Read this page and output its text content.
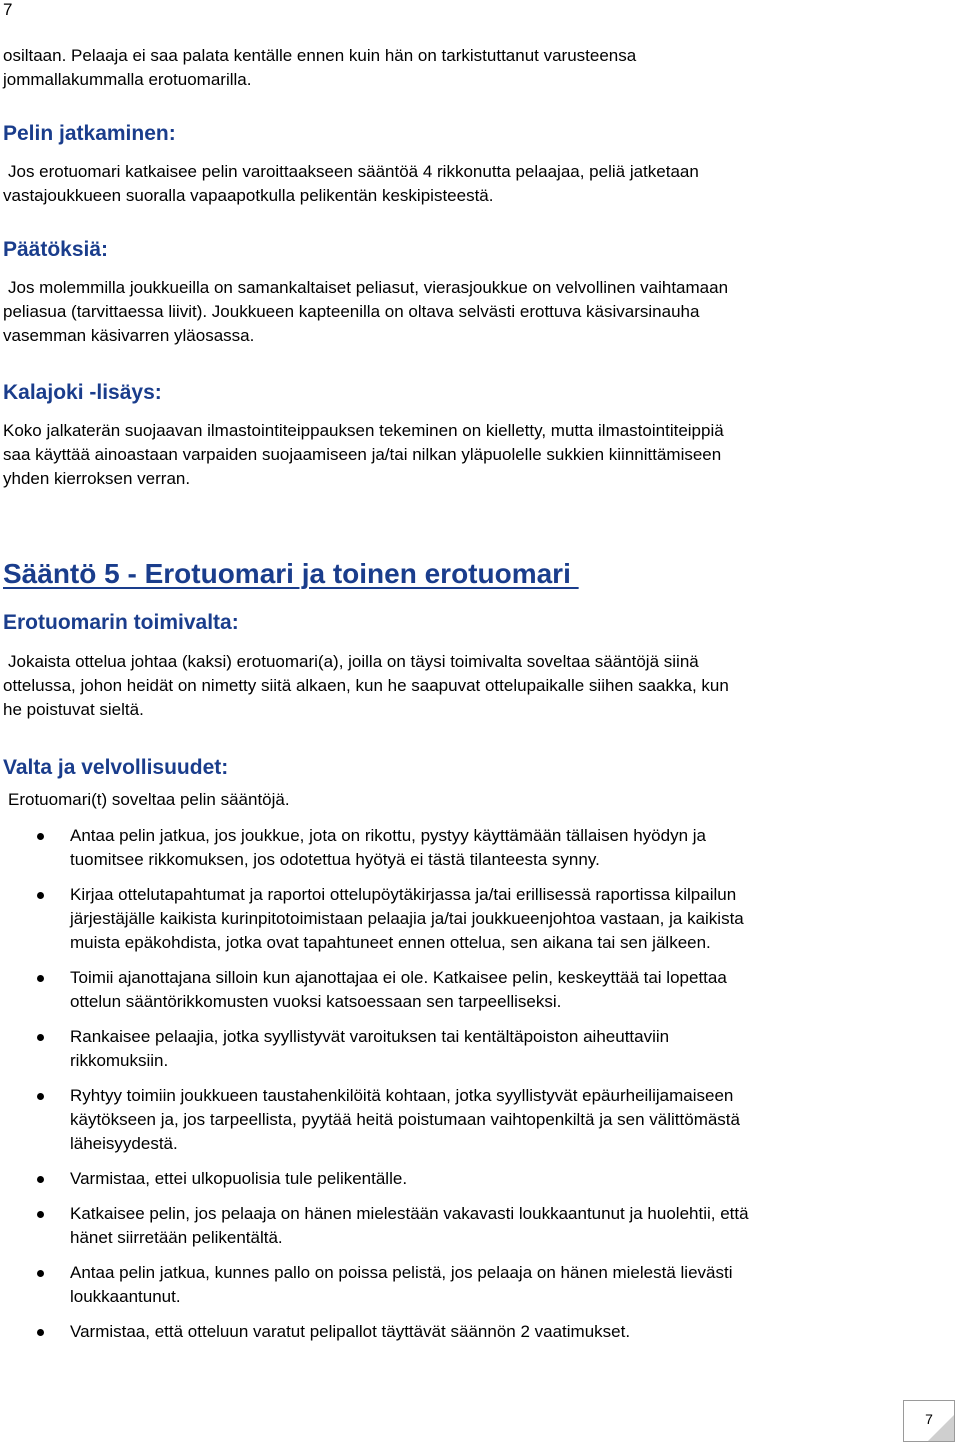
7

osiltaan. Pelaaja ei saa palata kentälle ennen kuin hän on tarkistuttanut varusteensa

jommallakummalla erotuomarilla.

Pelin jatkaminen:

Jos erotuomari katkaisee pelin varoittaakseen sääntöä 4 rikkonutta pelaajaa, peliä jatketaan

vastajoukkueen suoralla vapaapotkulla pelikentän keskipisteestä.

Päätöksiä:

Jos molemmilla joukkueilla on samankaltaiset peliasut, vierasjoukkue on velvollinen vaihtamaan

peliasua (tarvittaessa liivit). Joukkueen kapteenilla on oltava selvästi erottuva käsivarsinauha

vasemman käsivarren yläosassa.

Kalajoki -lisäys:

Koko jalkaterän suojaavan ilmastointiteippauksen tekeminen on kielletty, mutta ilmastointiteippiä

saa käyttää ainoastaan varpaiden suojaamiseen ja/tai nilkan yläpuolelle sukkien kiinnittämiseen

yhden kierroksen verran.

Sääntö 5 - Erotuomari ja toinen erotuomari
Erotuomarin toimivalta:

Jokaista ottelua johtaa (kaksi) erotuomari(a), joilla on täysi toimivalta soveltaa sääntöjä siinä

ottelussa, johon heidät on nimetty siitä alkaen, kun he saapuvat ottelupaikalle siihen saakka, kun

he poistuvat sieltä.

Valta ja velvollisuudet:

Erotuomari(t) soveltaa pelin sääntöjä.

Antaa pelin jatkua, jos joukkue, jota on rikottu, pystyy käyttämään tällaisen hyödyn ja
tuomitsee rikkomuksen, jos odotettua hyötyä ei tästä tilanteesta synny.
Kirjaa ottelutapahtumat ja raportoi ottelupöytäkirjassa ja/tai erillisessä raportissa kilpailun
järjestäjälle kaikista kurinpitotoimistaan pelaajia ja/tai joukkueenjohtoa vastaan, ja kaikista
muista epäkohdista, jotka ovat tapahtuneet ennen ottelua, sen aikana tai sen jälkeen.
Toimii ajanottajana silloin kun ajanottajaa ei ole. Katkaisee pelin, keskeyttää tai lopettaa
ottelun sääntörikkomusten vuoksi katsoessaan sen tarpeelliseksi.
Rankaisee pelaajia, jotka syyllistyvät varoituksen tai kentältäpoiston aiheuttaviin
rikkomuksiin.
Ryhtyy toimiin joukkueen taustahenkilöitä kohtaan, jotka syyllistyvät epäurheilijamaiseen
käytökseen ja, jos tarpeellista, pyytää heitä poistumaan vaihtopenkiltä ja sen välittömästä
läheisyydestä.
Varmistaa, ettei ulkopuolisia tule pelikentälle.
Katkaisee pelin, jos pelaaja on hänen mielestään vakavasti loukkaantunut ja huolehtii, että
hänet siirretään pelikentältä.
Antaa pelin jatkua, kunnes pallo on poissa pelistä, jos pelaaja on hänen mielestä lievästi
loukkaantunut.
Varmistaa, että otteluun varatut pelipallot täyttävät säännön 2 vaatimukset.
7
